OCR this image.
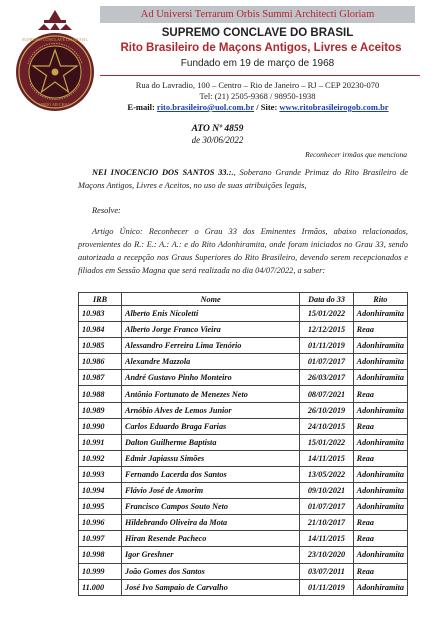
Ad Universi Terrarum Orbis Summi Architecti Gloriam
SUPREMO CONCLAVE DO BRASIL
ORDO AB CHAO
SUPREMO CONCLAVE DO BRASIL
Rito Brasileiro de Maçons Antigos, Livres e Aceitos
Fundado em 19 de março de 1968
Rua do Lavradio, 100 – Centro – Rio de Janeiro – RJ – CEP 20230-070
Tel: (21) 2505-9368 / 98950-1938
E-mail: rito.brasileiro@uol.com.br / Site: www.ritobrasileirogob.com.br
ATO Nº 4859
de 30/06/2022
Reconhecer irmãos que menciona
NEI INOCENCIO DOS SANTOS 33.:., Soberano Grande Primaz do Rito Brasileiro de Maçons Antigos, Livres e Aceitos, no uso de suas atribuições legais,
Resolve:
Artigo Único: Reconhecer o Grau 33 dos Eminentes Irmãos, abaixo relacionados, provenientes do R.: E.: A.: A.: e do Rito Adonhiramita, onde foram iniciados no Grau 33, sendo autorizada a recepção nos Graus Superiores do Rito Brasileiro, devendo serem recepcionados e filiados em Sessão Magna que será realizada no dia 04/07/2022, a saber:
IRB	Nome	Data do 33	Rito
10.983	Alberto Enis Nicoletti	15/01/2022	Adonhiramita
10.984	Alberto Jorge Franco Vieira	12/12/2015	Reaa
10.985	Alessandro Ferreira Lima Tenório	01/11/2019	Adonhiramita
10.986	Alexandre Mazzola	01/07/2017	Adonhiramita
10.987	André Gustavo Pinho Monteiro	26/03/2017	Adonhiramita
10.988	Antônio Fortunato de Menezes Neto	08/07/2021	Reaa
10.989	Arnóbio Alves de Lemos Junior	26/10/2019	Adonhiramita
10.990	Carlos Eduardo Braga Farias	24/10/2015	Reaa
10.991	Dalton Guilherme Baptista	15/01/2022	Adonhiramita
10.992	Edmir Japiassu Simões	14/11/2015	Reaa
10.993	Fernando Lacerda dos Santos	13/05/2022	Adonhiramita
10.994	Flávio José de Amorim	09/10/2021	Adonhiramita
10.995	Francisco Campos Souto Neto	01/07/2017	Adonhiramita
10.996	Hildebrando Oliveira da Mota	21/10/2017	Reaa
10.997	Hiran Resende Pacheco	14/11/2015	Reaa
10.998	Igor Greshner	23/10/2020	Adonhiramita
10.999	João Gomes dos Santos	03/07/2011	Reaa
11.000	José Ivo Sampaio de Carvalho	01/11/2019	Adonhiramita
